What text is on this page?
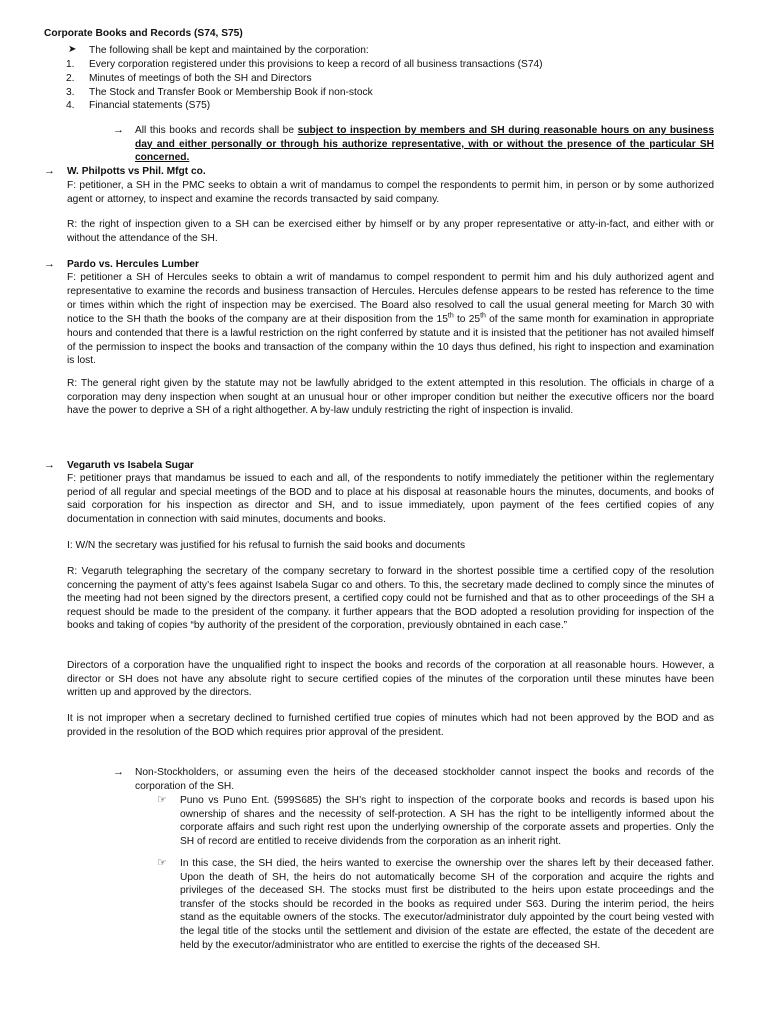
Corporate Books and Records (S74, S75)

➤ The following shall be kept and maintained by the corporation:

1. Every corporation registered under this provisions to keep a record of all business transactions (S74)

2. Minutes of meetings of both the SH and Directors

3. The Stock and Transfer Book or Membership Book if non-stock

4. Financial statements (S75)

→ All this books and records shall be subject to inspection by members and SH during reasonable hours on any business day and either personally or through his authorize representative, with or without the presence of the particular SH concerned.

→ W. Philpotts vs Phil. Mfgt co.

F: petitioner, a SH in the PMC seeks to obtain a writ of mandamus to compel the respondents to permit him, in person or by some authorized agent or attorney, to inspect and examine the records transacted by said company.

R: the right of inspection given to a SH can be exercised either by himself or by any proper representative or atty-in-fact, and either with or without the attendance of the SH.

→ Pardo vs. Hercules Lumber

F: petitioner a SH of Hercules seeks to obtain a writ of mandamus to compel respondent to permit him and his duly authorized agent and representative to examine the records and business transaction of Hercules. Hercules defense appears to be rested has reference to the time or times within which the right of inspection may be exercised. The Board also resolved to call the usual general meeting for March 30 with notice to the SH thath the books of the company are at their disposition from the 15th to 25th of the same month for examination in appropriate hours and contended that there is a lawful restriction on the right conferred by statute and it is insisted that the petitioner has not availed himself of the permission to inspect the books and transaction of the company within the 10 days thus defined, his right to inspection and examination is lost.

R: The general right given by the statute may not be lawfully abridged to the extent attempted in this resolution. The officials in charge of a corporation may deny inspection when sought at an unusual hour or other improper condition but neither the executive officers nor the board have the power to deprive a SH of a right althogether. A by-law unduly restricting the right of inspection is invalid.

→ Vegaruth vs Isabela Sugar

F: petitioner prays that mandamus be issued to each and all, of the respondents to notify immediately the petitioner within the reglementary period of all regular and special meetings of the BOD and to place at his disposal at reasonable hours the minutes, documents, and books of said corporation for his inspection as director and SH, and to issue immediately, upon payment of the fees certified copies of any documentation in connection with said minutes, documents and books.

I: W/N the secretary was justified for his refusal to furnish the said books and documents

R: Vegaruth telegraphing the secretary of the company secretary to forward in the shortest possible time a certified copy of the resolution concerning the payment of atty’s fees against Isabela Sugar co and others. To this, the secretary made declined to comply since the minutes of the meeting had not been signed by the directors present, a certified copy could not be furnished and that as to other proceedings of the SH a request should be made to the president of the company. it further appears that the BOD adopted a resolution providing for inspection of the books and taking of copies “by authority of the president of the corporation, previously obntained in each case.”

Directors of a corporation have the unqualified right to inspect the books and records of the corporation at all reasonable hours. However, a director or SH does not have any absolute right to secure certified copies of the minutes of the corporation until these minutes have been written up and approved by the directors.

It is not improper when a secretary declined to furnished certified true copies of minutes which had not been approved by the BOD and as provided in the resolution of the BOD which requires prior approval of the president.

→ Non-Stockholders, or assuming even the heirs of the deceased stockholder cannot inspect the books and records of the corporation of the SH.

☞ Puno vs Puno Ent. (599S685) the SH’s right to inspection of the corporate books and records is based upon his ownership of shares and the necessity of self-protection. A SH has the right to be intelligently informed about the corporate affairs and such right rest upon the underlying ownership of the corporate assets and properties. Only the SH of record are entitled to receive dividends from the corporation as an inherit right.

☞ In this case, the SH died, the heirs wanted to exercise the ownership over the shares left by their deceased father. Upon the death of SH, the heirs do not automatically become SH of the corporation and acquire the rights and privileges of the deceased SH. The stocks must first be distributed to the heirs upon estate proceedings and the transfer of the stocks should be recorded in the books as required under S63. During the interim period, the heirs stand as the equitable owners of the stocks. The executor/administrator duly appointed by the court being vested with the legal title of the stocks until the settlement and division of the estate are effected, the estate of the decedent are held by the executor/administrator who are entitled to exercise the rights of the deceased SH.
